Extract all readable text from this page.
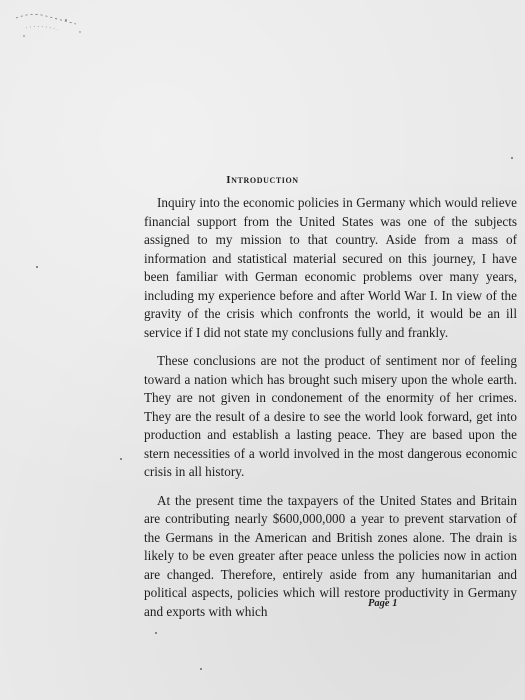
Introduction

Inquiry into the economic policies in Germany which would relieve financial support from the United States was one of the subjects assigned to my mission to that country. Aside from a mass of information and statistical material secured on this journey, I have been familiar with German economic problems over many years, including my experience before and after World War I. In view of the gravity of the crisis which confronts the world, it would be an ill service if I did not state my conclusions fully and frankly.

These conclusions are not the product of sentiment nor of feeling toward a nation which has brought such misery upon the whole earth. They are not given in condonement of the enormity of her crimes. They are the result of a desire to see the world look forward, get into production and establish a lasting peace. They are based upon the stern necessities of a world involved in the most dangerous economic crisis in all history.

At the present time the taxpayers of the United States and Britain are contributing nearly $600,000,000 a year to prevent starvation of the Germans in the American and British zones alone. The drain is likely to be even greater after peace unless the policies now in action are changed. Therefore, entirely aside from any humanitarian and political aspects, policies which will restore productivity in Germany and exports with which	Page 1
